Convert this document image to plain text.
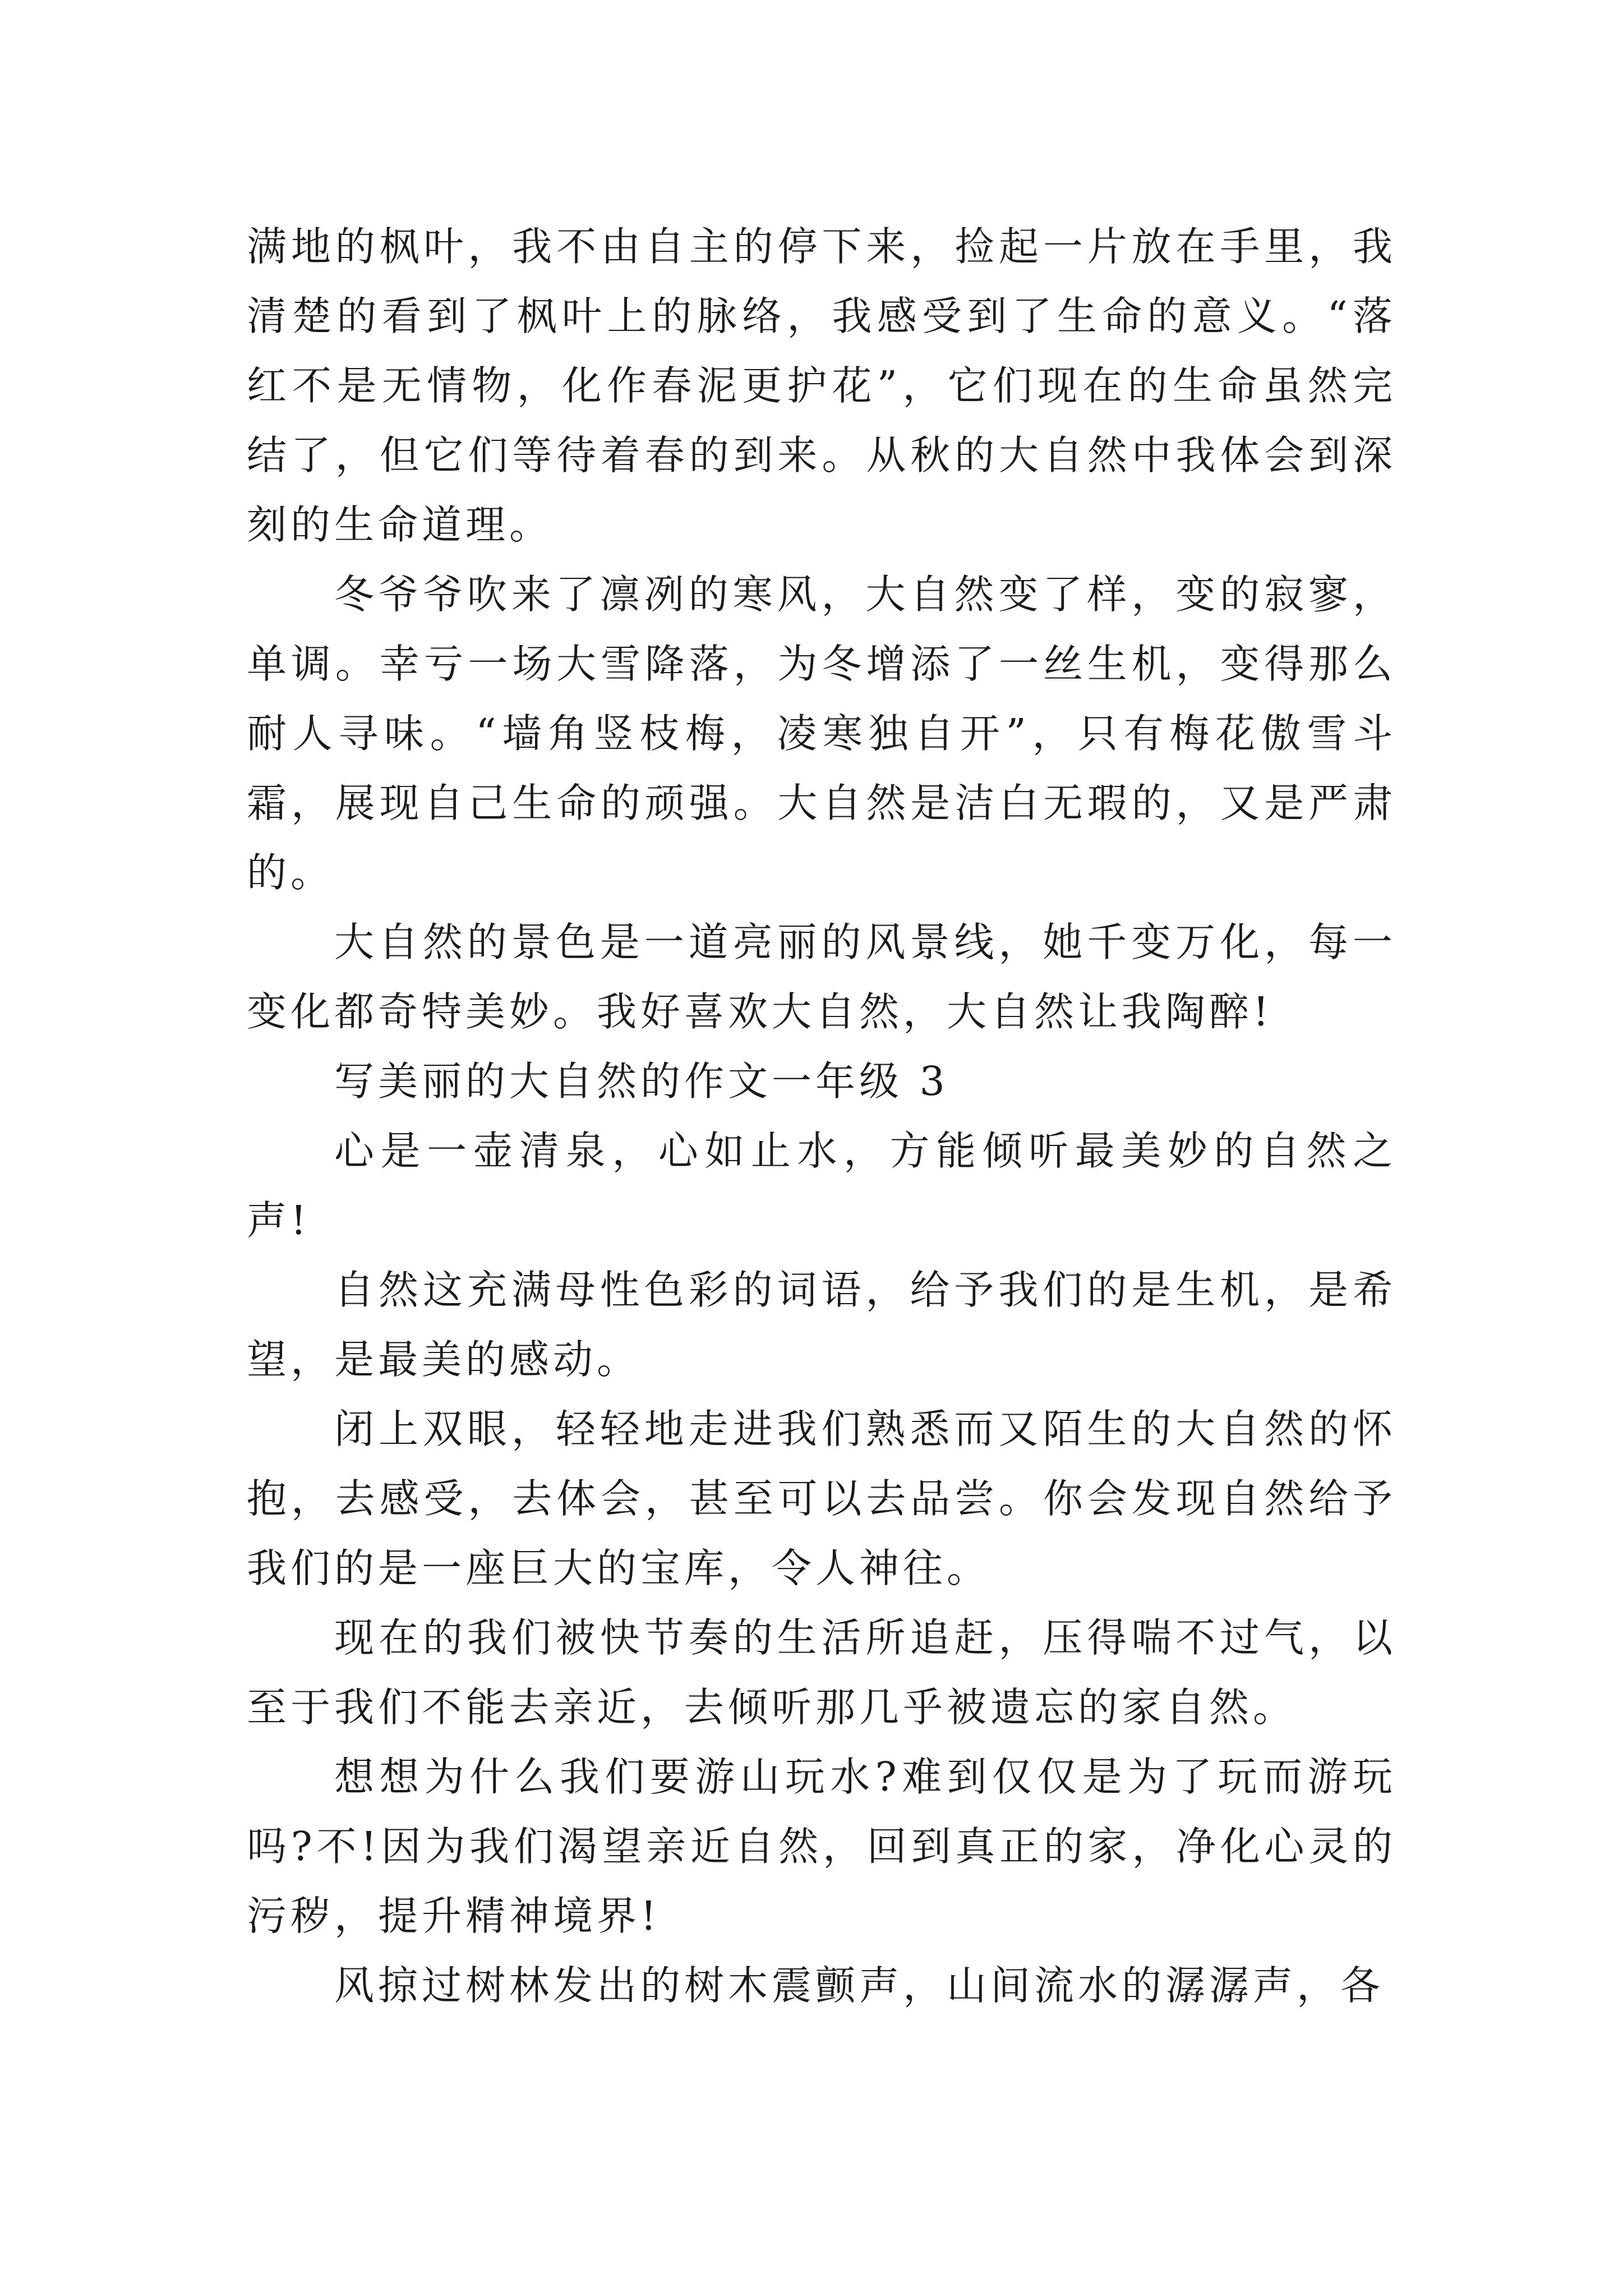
满地的枫叶，我不由自主的停下来，捡起一片放在手里，我清楚的看到了枫叶上的脉络，我感受到了生命的意义。“落红不是无情物，化作春泥更护花”，它们现在的生命虽然完结了，但它们等待着春的到来。从秋的大自然中我体会到深刻的生命道理。

冬爷爷吹来了凛冽的寒风，大自然变了样，变的寂寥，单调。幸亏一场大雪降落，为冬增添了一丝生机，变得那么耐人寻味。“墙角竖枝梅，凌寒独自开”，只有梅花傲雪斗霜，展现自己生命的顽强。大自然是洁白无瑕的，又是严肃的。

大自然的景色是一道亮丽的风景线，她千变万化，每一变化都奇特美妙。我好喜欢大自然，大自然让我陶醉!

写美丽的大自然的作文一年级 3

心是一壶清泉，心如止水，方能倾听最美妙的自然之声!

自然这充满母性色彩的词语，给予我们的是生机，是希望，是最美的感动。

闭上双眼，轻轻地走进我们熟悉而又陌生的大自然的怀抱，去感受，去体会，甚至可以去品尝。你会发现自然给予我们的是一座巨大的宝库，令人神往。

现在的我们被快节奏的生活所追赶，压得喘不过气，以至于我们不能去亲近，去倾听那几乎被遗忘的家自然。

想想为什么我们要游山玩水?难到仅仅是为了玩而游玩吗?不!因为我们渴望亲近自然，回到真正的家，净化心灵的污秽，提升精神境界!

风掠过树林发出的树木震颤声，山间流水的潺潺声，各
